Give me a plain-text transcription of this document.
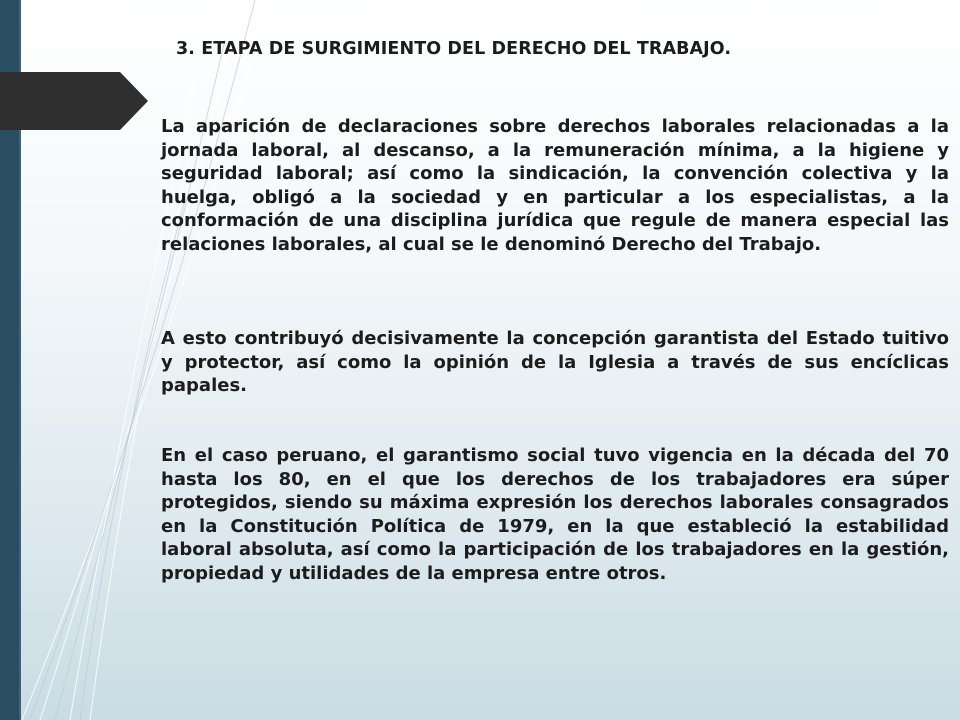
3. ETAPA DE SURGIMIENTO DEL DERECHO DEL TRABAJO.

La aparición de declaraciones sobre derechos laborales relacionadas a la jornada laboral, al descanso, a la remuneración mínima, a la higiene y seguridad laboral; así como la sindicación, la convención colectiva y la huelga, obligó a la sociedad y en particular a los especialistas, a la conformación de una disciplina jurídica que regule de manera especial las relaciones laborales, al cual se le denominó Derecho del Trabajo.

A esto contribuyó decisivamente la concepción garantista del Estado tuitivo y protector, así como la opinión de la Iglesia a través de sus encíclicas papales.

En el caso peruano, el garantismo social tuvo vigencia en la década del 70 hasta los 80, en el que los derechos de los trabajadores era súper protegidos, siendo su máxima expresión los derechos laborales consagrados en la Constitución Política de 1979, en la que estableció la estabilidad laboral absoluta, así como la participación de los trabajadores en la gestión, propiedad y utilidades de la empresa entre otros.
